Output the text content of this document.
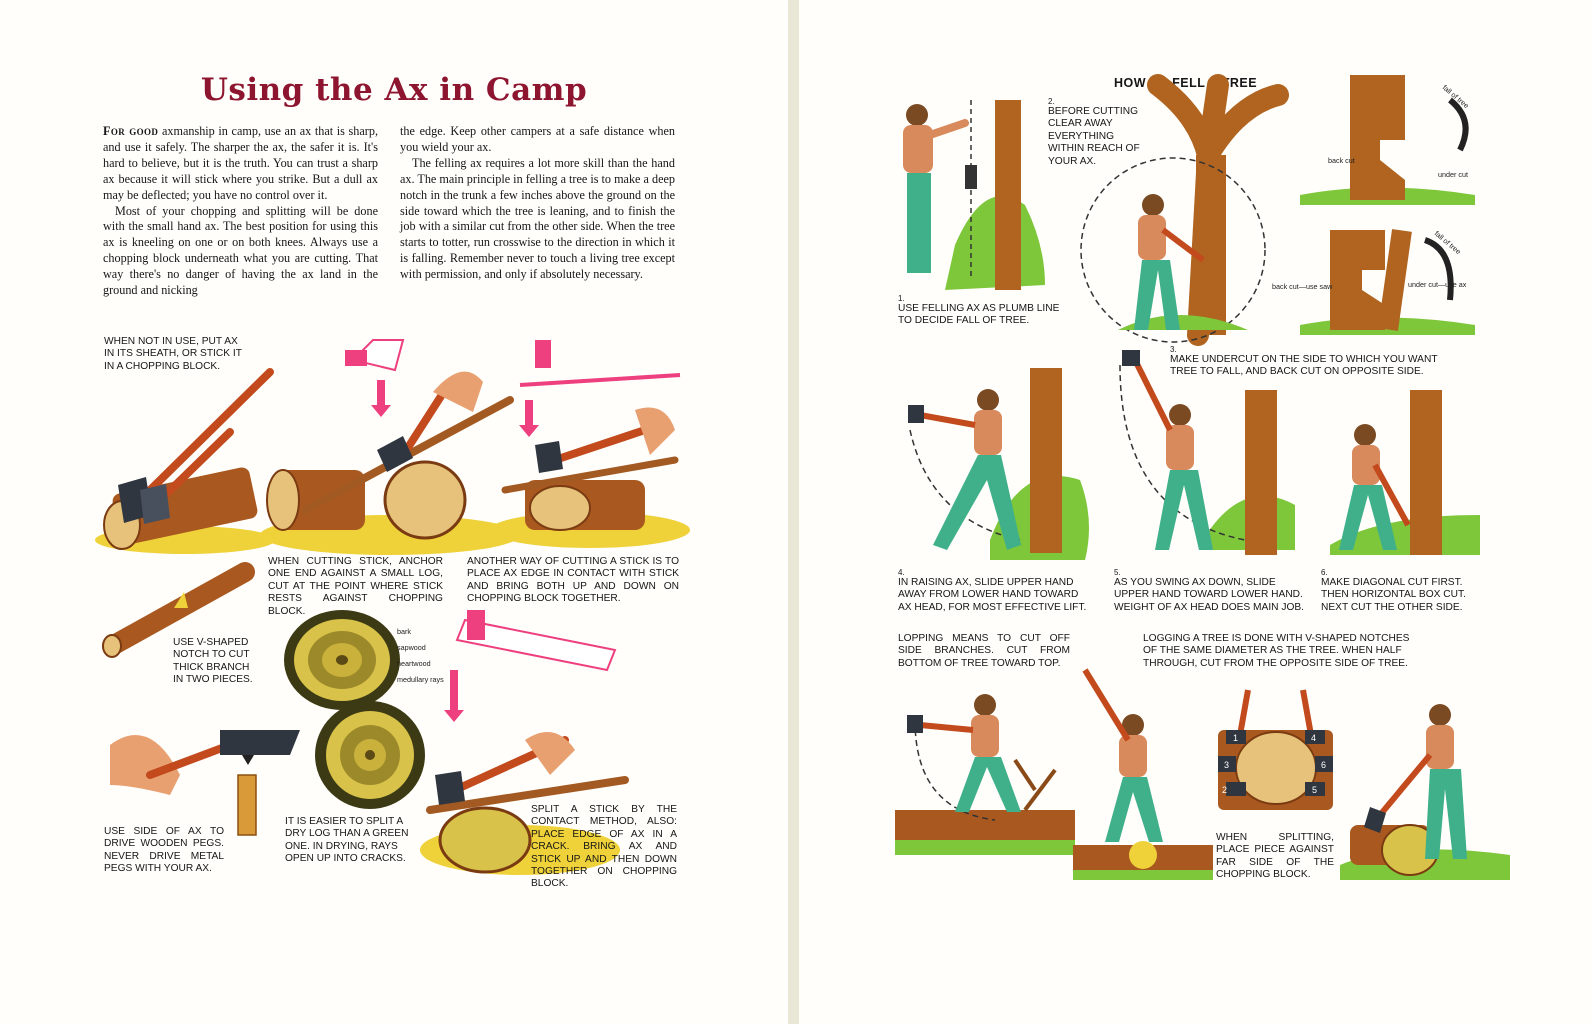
Using the Ax in Camp

For good axmanship in camp, use an ax that is sharp, and use it safely. The sharper the ax, the safer it is. It's hard to believe, but it is the truth. You can trust a sharp ax because it will stick where you strike. But a dull ax may be deflected; you have no control over it.

Most of your chopping and splitting will be done with the small hand ax. The best position for using this ax is kneeling on one or on both knees. Always use a chopping block underneath what you are cutting. That way there's no danger of having the ax land in the ground and nicking

the edge. Keep other campers at a safe distance when you wield your ax.

The felling ax requires a lot more skill than the hand ax. The main principle in felling a tree is to make a deep notch in the trunk a few inches above the ground on the side toward which the tree is leaning, and to finish the job with a similar cut from the other side. When the tree starts to totter, run crosswise to the direction in which it is falling. Remember never to touch a living tree except with permission, and only if absolutely necessary.

bark
sapwood
heartwood
medullary rays

WHEN NOT IN USE, PUT AX IN ITS SHEATH, OR STICK IT IN A CHOPPING BLOCK.

WHEN CUTTING STICK, ANCHOR ONE END AGAINST A SMALL LOG, CUT AT THE POINT WHERE STICK RESTS AGAINST CHOPPING BLOCK.

ANOTHER WAY OF CUTTING A STICK IS TO PLACE AX EDGE IN CONTACT WITH STICK AND BRING BOTH UP AND DOWN ON CHOPPING BLOCK TOGETHER.

USE V-SHAPED NOTCH TO CUT THICK BRANCH IN TWO PIECES.

USE SIDE OF AX TO DRIVE WOODEN PEGS. NEVER DRIVE METAL PEGS WITH YOUR AX.

IT IS EASIER TO SPLIT A DRY LOG THAN A GREEN ONE. IN DRYING, RAYS OPEN UP INTO CRACKS.

SPLIT A STICK BY THE CONTACT METHOD, ALSO: PLACE EDGE OF AX IN A CRACK. BRING AX AND STICK UP AND THEN DOWN TOGETHER ON CHOPPING BLOCK.

HOW TO FELL A TREE	fall of tree
back cut
under cut
fall of tree
back cut—use saw	under cut—use ax
1.
USE FELLING AX AS PLUMB LINE TO DECIDE FALL OF TREE.
2.
BEFORE CUTTING CLEAR AWAY EVERYTHING WITHIN REACH OF YOUR AX.
3.
MAKE UNDERCUT ON THE SIDE TO WHICH YOU WANT TREE TO FALL, AND BACK CUT ON OPPOSITE SIDE.
4.
IN RAISING AX, SLIDE UPPER HAND AWAY FROM LOWER HAND TOWARD AX HEAD, FOR MOST EFFECTIVE LIFT.
5.
AS YOU SWING AX DOWN, SLIDE UPPER HAND TOWARD LOWER HAND. WEIGHT OF AX HEAD DOES MAIN JOB.
6.
MAKE DIAGONAL CUT FIRST. THEN HORIZONTAL BOX CUT. NEXT CUT THE OTHER SIDE.

LOPPING MEANS TO CUT OFF SIDE BRANCHES. CUT FROM BOTTOM OF TREE TOWARD TOP.

LOGGING A TREE IS DONE WITH V-SHAPED NOTCHES OF THE SAME DIAMETER AS THE TREE. WHEN HALF THROUGH, CUT FROM THE OPPOSITE SIDE OF TREE.

1
2
3
4
5
6

WHEN SPLITTING, PLACE PIECE AGAINST FAR SIDE OF THE CHOPPING BLOCK.
